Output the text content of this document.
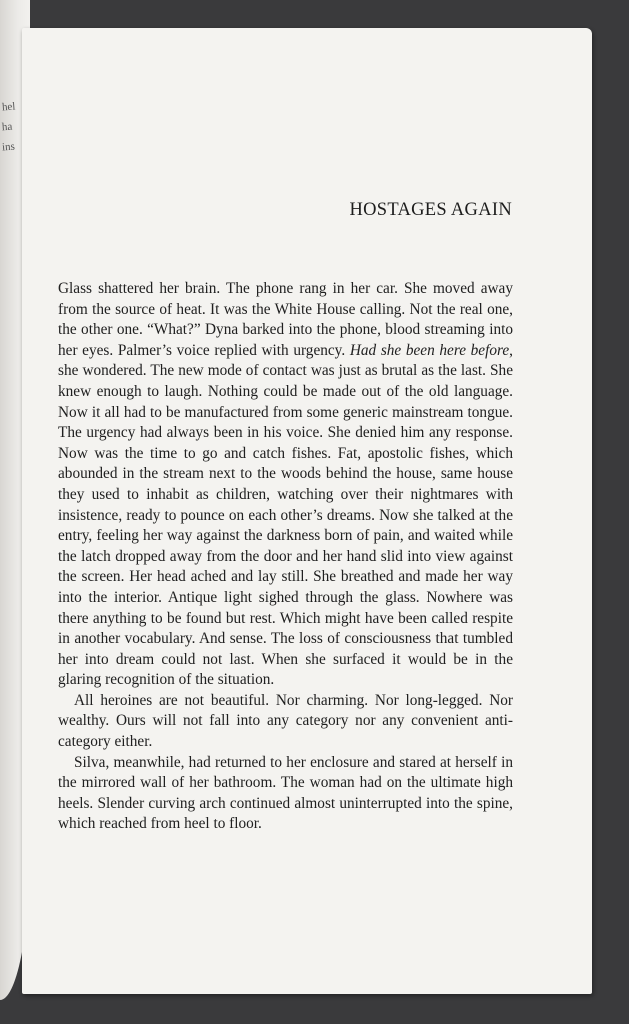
hel
ha
ins
HOSTAGES AGAIN

Glass shattered her brain. The phone rang in her car. She moved away from the source of heat. It was the White House calling. Not the real one, the other one. “What?” Dyna barked into the phone, blood streaming into her eyes. Palmer’s voice replied with urgency. Had she been here before, she wondered. The new mode of contact was just as brutal as the last. She knew enough to laugh. Nothing could be made out of the old language. Now it all had to be manufactured from some generic mainstream tongue. The urgency had always been in his voice. She denied him any response. Now was the time to go and catch fishes. Fat, apostolic fishes, which abounded in the stream next to the woods behind the house, same house they used to inhabit as children, watching over their nightmares with insistence, ready to pounce on each other’s dreams. Now she talked at the entry, feeling her way against the darkness born of pain, and waited while the latch dropped away from the door and her hand slid into view against the screen. Her head ached and lay still. She breathed and made her way into the interior. Antique light sighed through the glass. Nowhere was there anything to be found but rest. Which might have been called respite in another vocabulary. And sense. The loss of consciousness that tumbled her into dream could not last. When she surfaced it would be in the glaring recognition of the situation.

All heroines are not beautiful. Nor charming. Nor long-legged. Nor wealthy. Ours will not fall into any category nor any convenient anti-category either.

Silva, meanwhile, had returned to her enclosure and stared at herself in the mirrored wall of her bathroom. The woman had on the ultimate high heels. Slender curving arch continued almost uninterrupted into the spine, which reached from heel to floor.
